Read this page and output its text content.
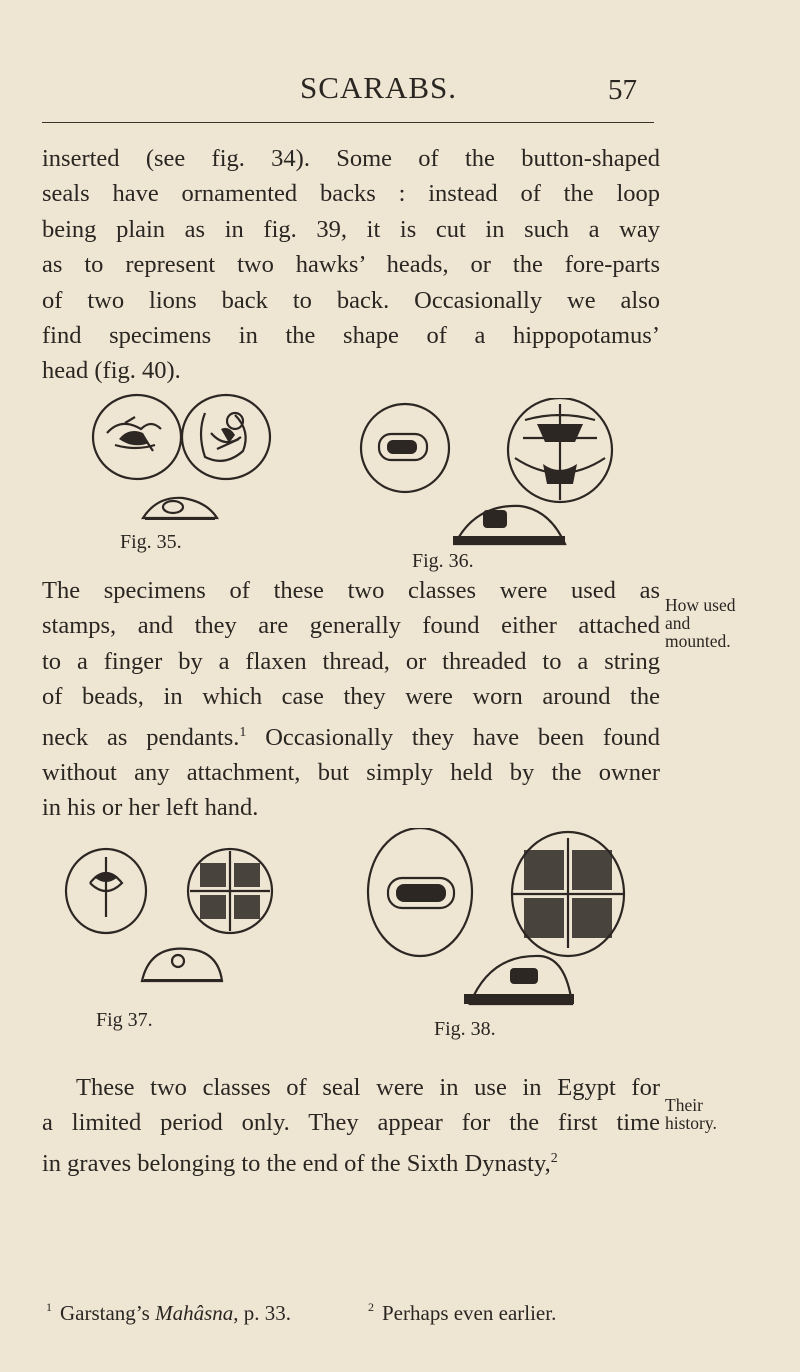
SCARABS.	57

inserted (see fig. 34). Some of the button-shaped
seals have ornamented backs : instead of the loop
being plain as in fig. 39, it is cut in such a way
as to represent two hawks’ heads, or the fore-parts
of two lions back to back. Occasionally we also
find specimens in the shape of a hippopotamus’
head (fig. 40).

Fig. 35.
Fig. 36.

The specimens of these two classes were used as
stamps, and they are generally found either attached
to a finger by a flaxen thread, or threaded to a string
of beads, in which case they were worn around the
neck as pendants.$^1$ Occasionally they have been found
without any attachment, but simply held by the owner
in his or her left hand.

How used
and
mounted.
Fig 37.	Fig. 38.

These two classes of seal were in use in Egypt for
a limited period only. They appear for the first time
in graves belonging to the end of the Sixth Dynasty,$^2$

Their
history.
$^1$ Garstang’s Mahâsna, p. 33.	$^2$ Perhaps even earlier.
